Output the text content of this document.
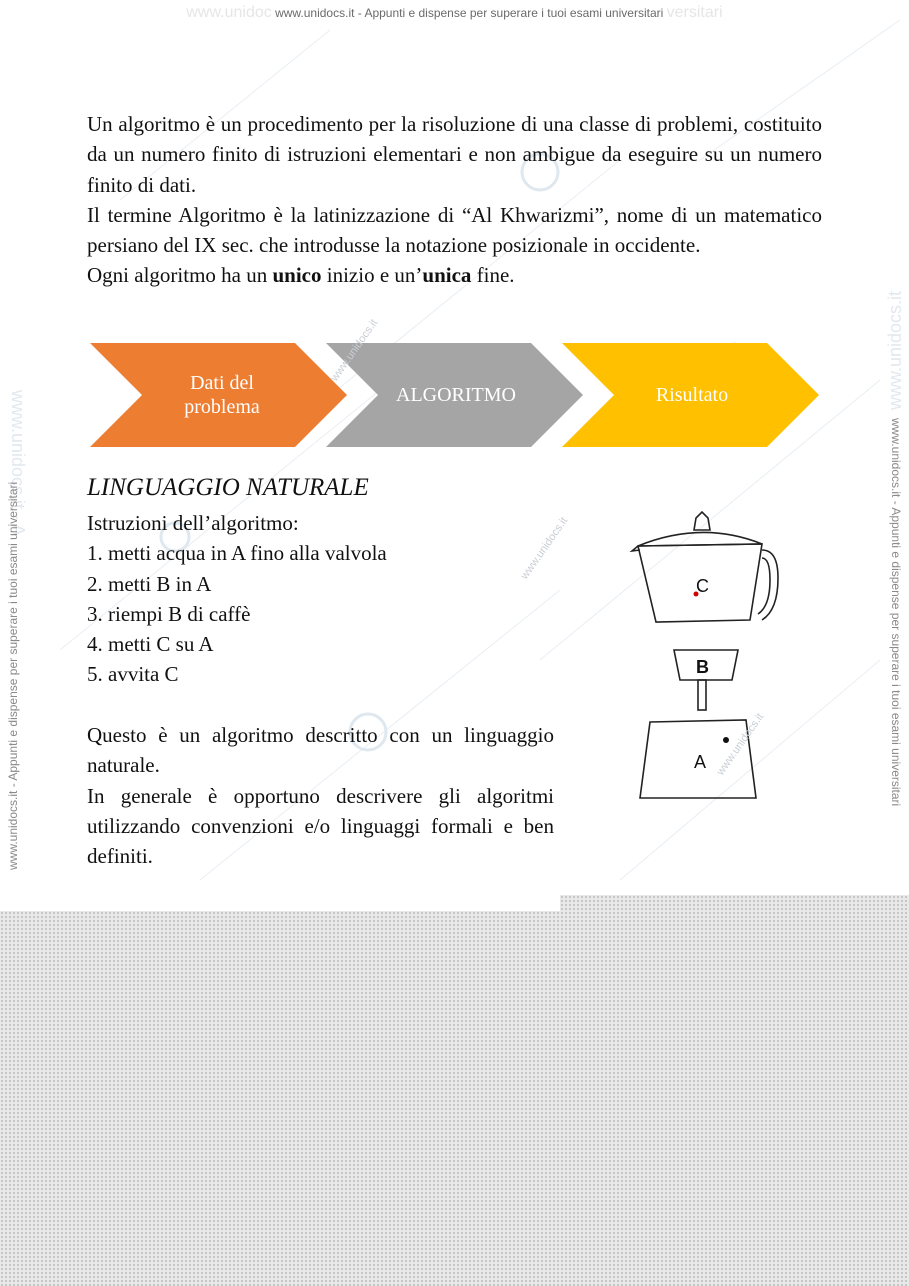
www.unidocs.it - A
www.unidocs.it
www.unidoc www.unidocs.it - Appunti e dispense per superare i tuoi esami universitari versitari
www.unidocs.it - Appunti e dispense per superare i tuoi esami universitari	www.unidocs.it - Appunti e dispense per superare i tuoi esami universitari

Un algoritmo è un procedimento per la risoluzione di una classe di problemi, costituito da un numero finito di istruzioni elementari e non ambigue da eseguire su un numero finito di dati.

Il termine Algoritmo è la latinizzazione di “Al Khwarizmi”, nome di un matematico persiano del IX sec. che introdusse la notazione posizionale in occidente.

Ogni algoritmo ha un unico inizio e un’unica fine.

Dati del
problema
ALGORITMO	Risultato
LINGUAGGIO NATURALE
Istruzioni dell’algoritmo:
1. metti acqua in A fino alla valvola
2. metti B in A
3. riempi B di caffè
4. metti C su A
5. avvita C

Questo è un algoritmo descritto con un linguaggio naturale.

In generale è opportuno descrivere gli algoritmi utilizzando convenzioni e/o linguaggi formali e ben definiti.

C
B
A
www.unidocs.it
www.unidocs.it
www.unidocs.it
